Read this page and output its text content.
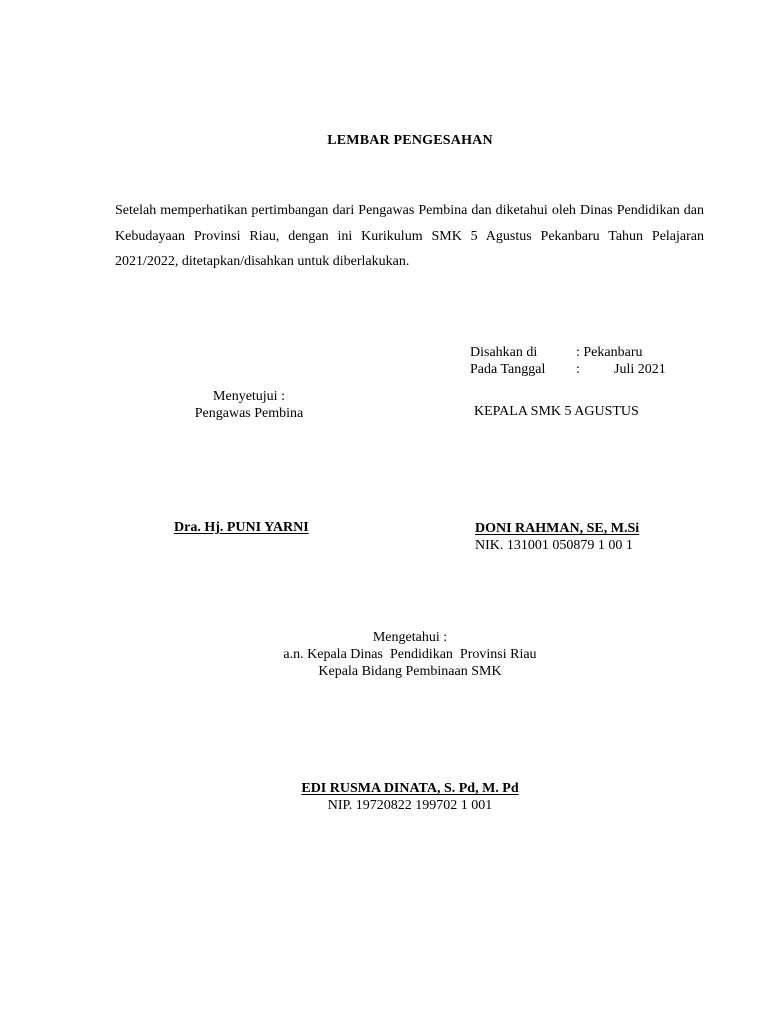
LEMBAR PENGESAHAN

Setelah memperhatikan pertimbangan dari Pengawas Pembina dan diketahui oleh Dinas Pendidikan dan Kebudayaan Provinsi Riau, dengan ini Kurikulum SMK 5 Agustus Pekanbaru Tahun Pelajaran 2021/2022, ditetapkan/disahkan untuk diberlakukan.

Disahkan di	: Pekanbaru
Pada Tanggal : Juli 2021
Menyetujui :
Pengawas Pembina	KEPALA SMK 5 AGUSTUS
Dra. Hj. PUNI YARNI	DONI RAHMAN, SE, M.Si
NIK. 131001 050879 1 00 1
Mengetahui :
a.n. Kepala Dinas  Pendidikan  Provinsi Riau
Kepala Bidang Pembinaan SMK
EDI RUSMA DINATA, S. Pd, M. Pd
NIP. 19720822 199702 1 001
